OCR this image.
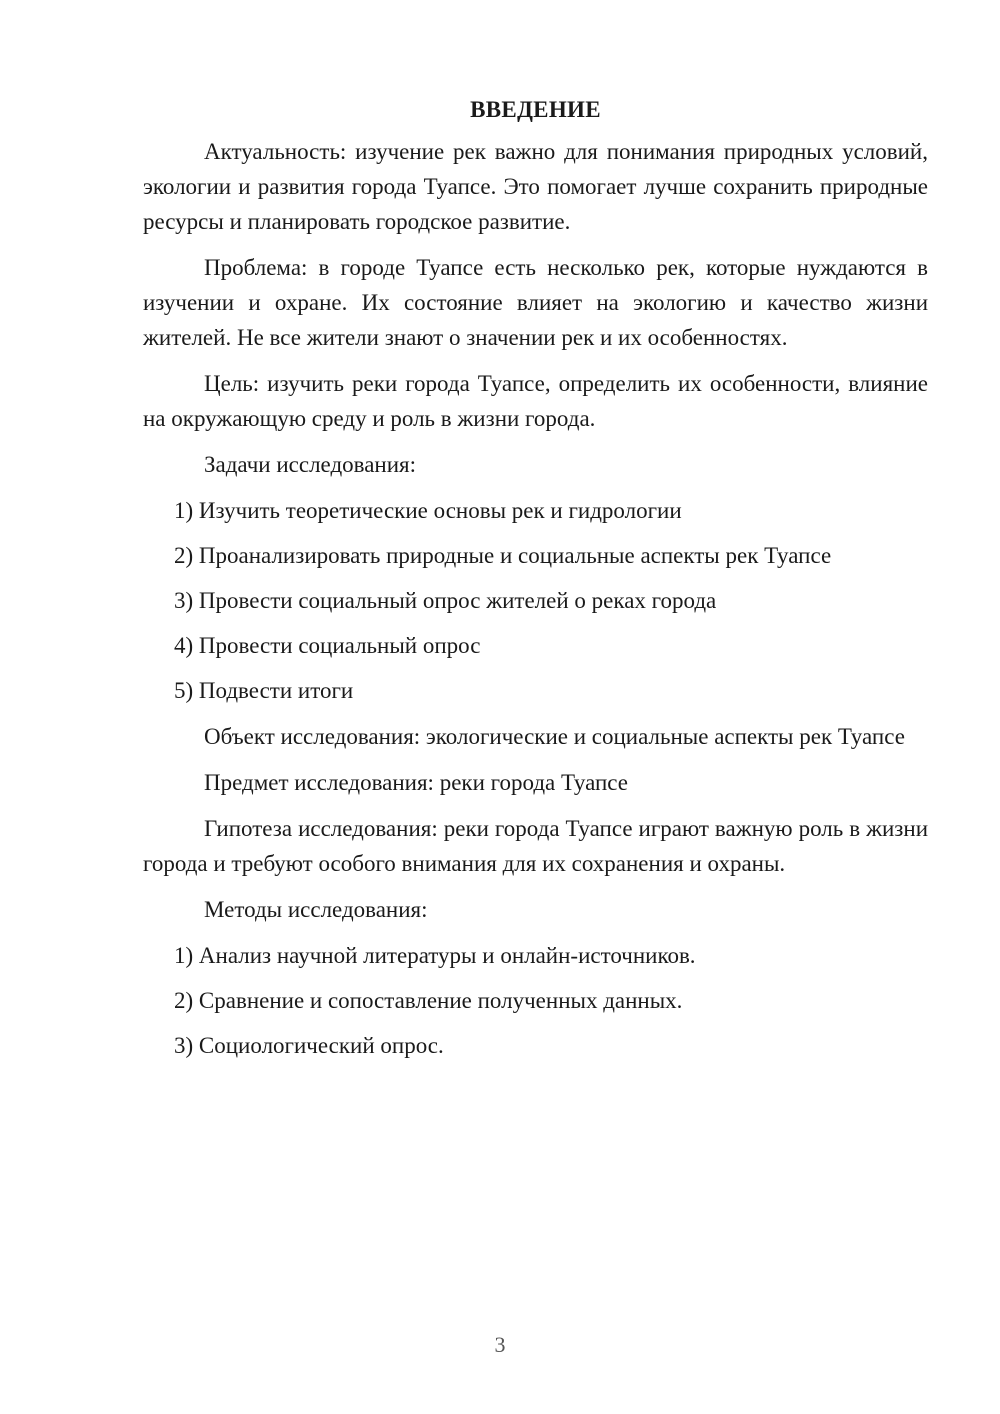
ВВЕДЕНИЕ

Актуальность: изучение рек важно для понимания природных условий, экологии и развития города Туапсе. Это помогает лучше сохранить природные ресурсы и планировать городское развитие.

Проблема: в городе Туапсе есть несколько рек, которые нуждаются в изучении и охране. Их состояние влияет на экологию и качество жизни жителей. Не все жители знают о значении рек и их особенностях.

Цель: изучить реки города Туапсе, определить их особенности, влияние на окружающую среду и роль в жизни города.

Задачи исследования:

1) Изучить теоретические основы рек и гидрологии
2) Проанализировать природные и социальные аспекты рек Туапсе
3) Провести социальный опрос жителей о реках города
4) Провести социальный опрос
5) Подвести итоги

Объект исследования: экологические и социальные аспекты рек Туапсе

Предмет исследования: реки города Туапсе

Гипотеза исследования: реки города Туапсе играют важную роль в жизни города и требуют особого внимания для их сохранения и охраны.

Методы исследования:

1) Анализ научной литературы и онлайн-источников.
2) Сравнение и сопоставление полученных данных.
3) Социологический опрос.
3
